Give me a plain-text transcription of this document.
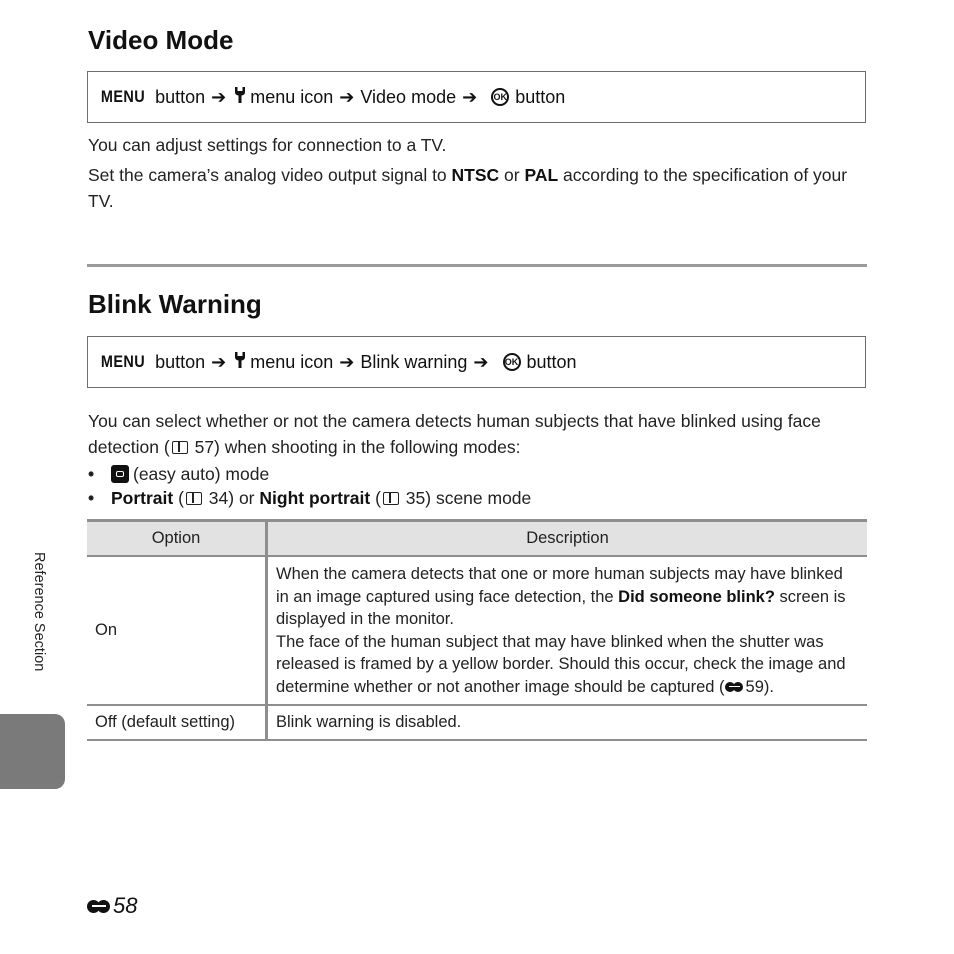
Video Mode
MENU button ➔ menu icon ➔ Video mode ➔ OK button

You can adjust settings for connection to a TV.

Set the camera’s analog video output signal to NTSC or PAL according to the specification of your TV.

Blink Warning
MENU button ➔ menu icon ➔ Blink warning ➔ OK button

You can select whether or not the camera detects human subjects that have blinked using face detection ( 57) when shooting in the following modes:

• (easy auto) mode
• Portrait ( 34) or Night portrait ( 35) scene mode
Option	Description
On	When the camera detects that one or more human subjects may have blinked in an image captured using face detection, the Did someone blink? screen is displayed in the monitor.
The face of the human subject that may have blinked when the shutter was released is framed by a yellow border. Should this occur, check the image and determine whether or not another image should be captured ( 59).
Off (default setting)	Blink warning is disabled.
Reference Section
58
